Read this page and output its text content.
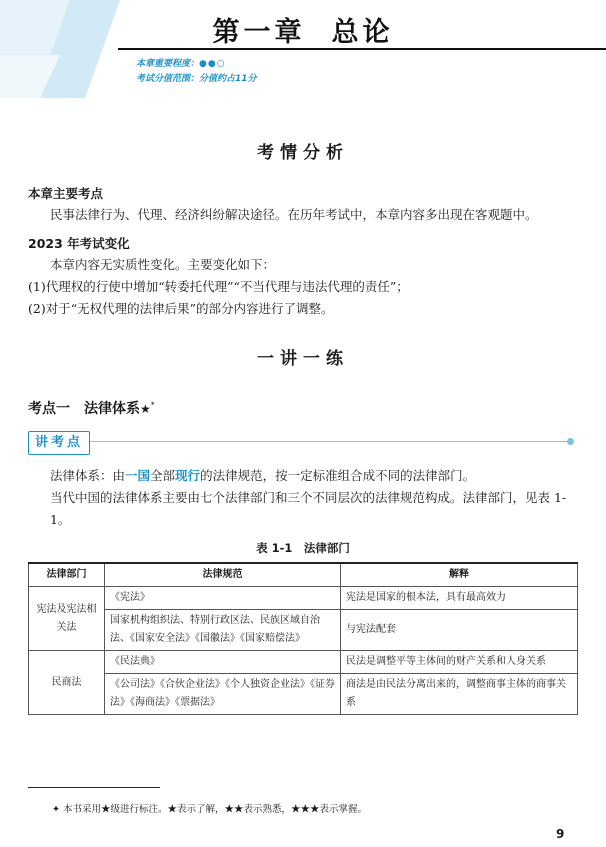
第一章 总论
本章重要程度：●●○
考试分值范围：分值约占11分
考情分析
本章主要考点
民事法律行为、代理、经济纠纷解决途径。在历年考试中，本章内容多出现在客观题中。
2023 年考试变化
本章内容无实质性变化。主要变化如下：
(1)代理权的行使中增加“转委托代理”“不当代理与违法代理的责任”；
(2)对于“无权代理的法律后果”的部分内容进行了调整。
一讲一练
考点一　法律体系★*
讲考点
法律体系：由一国全部现行的法律规范，按一定标准组合成不同的法律部门。
当代中国的法律体系主要由七个法律部门和三个不同层次的法律规范构成。法律部门，见表 1-1。
表 1-1　法律部门
法律部门	法律规范	解释
宪法及宪法相关法	《宪法》	宪法是国家的根本法，具有最高效力
	国家机构组织法、特别行政区法、民族区域自治法、《国家安全法》《国徽法》《国家赔偿法》	与宪法配套
民商法	《民法典》	民法是调整平等主体间的财产关系和人身关系
	《公司法》《合伙企业法》《个人独资企业法》《证券法》《海商法》《票据法》	商法是由民法分离出来的，调整商事主体的商事关系
✦ 本书采用★级进行标注。★表示了解，★★表示熟悉，★★★表示掌握。
9
